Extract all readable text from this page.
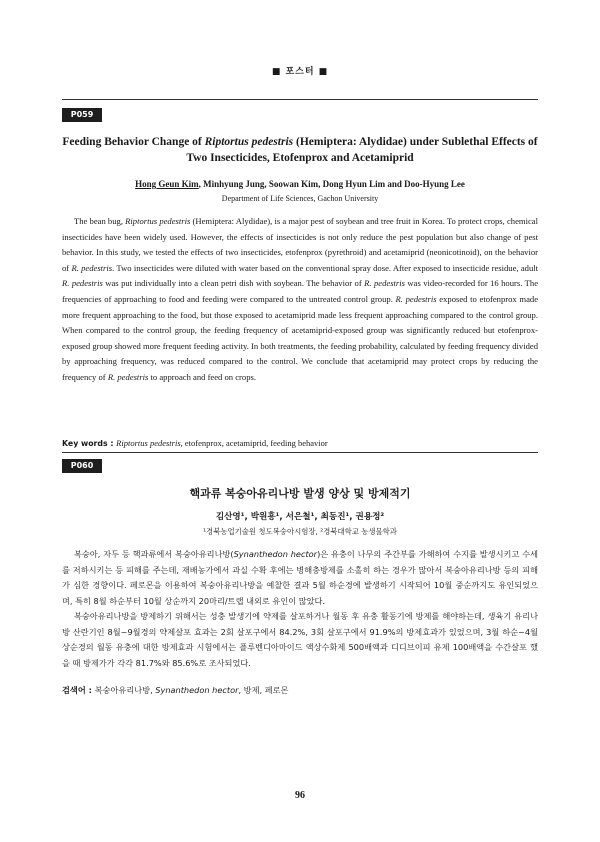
■ 포스터 ■
P059
Feeding Behavior Change of Riptortus pedestris (Hemiptera: Alydidae) under Sublethal Effects of
Two Insecticides, Etofenprox and Acetamiprid
Hong Geun Kim, Minhyung Jung, Soowan Kim, Dong Hyun Lim and Doo-Hyung Lee
Department of Life Sciences, Gachon University

The bean bug, Riptortus pedestris (Hemiptera: Alydidae), is a major pest of soybean and tree fruit in Korea. To protect crops, chemical insecticides have been widely used. However, the effects of insecticides is not only reduce the pest population but also change of pest behavior. In this study, we tested the effects of two insecticides, etofenprox (pyrethroid) and acetamiprid (neonicotinoid), on the behavior of R. pedestris. Two insecticides were diluted with water based on the conventional spray dose. After exposed to insecticide residue, adult R. pedestris was put individually into a clean petri dish with soybean. The behavior of R. pedestris was video-recorded for 16 hours. The frequencies of approaching to food and feeding were compared to the untreated control group. R. pedestris exposed to etofenprox made more frequent approaching to the food, but those exposed to acetamiprid made less frequent approaching compared to the control group. When compared to the control group, the feeding frequency of acetamiprid-exposed group was significantly reduced but etofenprox-exposed group showed more frequent feeding activity. In both treatments, the feeding probability, calculated by feeding frequency divided by approaching frequency, was reduced compared to the control. We conclude that acetamiprid may protect crops by reducing the frequency of R. pedestris to approach and feed on crops.

Key words : Riptortus pedestris, etofenprox, acetamiprid, feeding behavior
P060
핵과류 복숭아유리나방 발생 양상 및 방제적기
김산영¹, 박원흥¹, 서은철¹, 최동진¹, 권용정²
¹경북농업기술원 청도복숭아시험장, ²경북대학교 농생물학과

복숭아, 자두 등 핵과류에서 복숭아유리나방(Synanthedon hector)은 유충이 나무의 주간부를 가해하여 수지를 발생시키고 수세를 저하시키는 등 피해를 주는데, 재배농가에서 과실 수확 후에는 병해충방제를 소홀히 하는 경우가 많아서 복숭아유리나방 등의 피해가 심한 경향이다. 페로몬을 이용하여 복숭아유리나방을 예찰한 결과 5월 하순경에 발생하기 시작되어 10월 중순까지도 유인되었으며, 특히 8월 하순부터 10월 상순까지 20마리/트랩 내외로 유인이 많았다.

복숭아유리나방을 방제하기 위해서는 성충 발생기에 약제를 살포하거나 월동 후 유충 활동기에 방제를 해야하는데, 생육기 유리나방 산란기인 8월~9월경의 약제살포 효과는 2회 살포구에서 84.2%, 3회 살포구에서 91.9%의 방제효과가 있었으며, 3월 하순~4월 상순경의 월동 유충에 대한 방제효과 시험에서는 플루벤디아마이드 액상수화제 500배액과 디디브이피 유제 100배액을 수간살포 했을 때 방제가가 각각 81.7%와 85.6%로 조사되었다.

검색어 : 복숭아유리나방, Synanthedon hector, 방제, 페로몬
96
